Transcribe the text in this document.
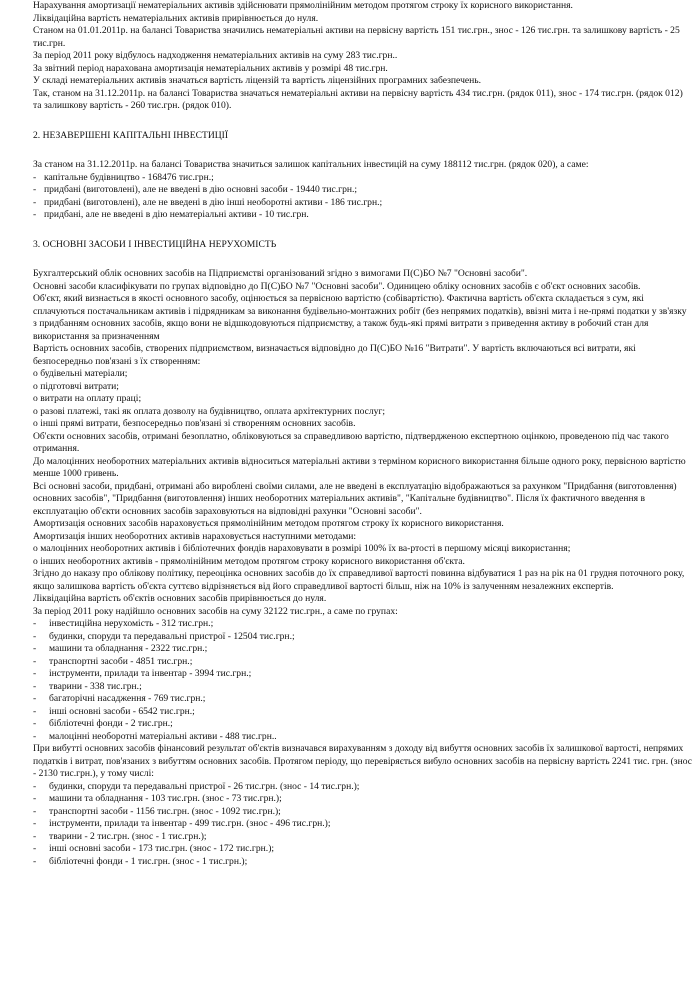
Нарахування амортизації нематеріальних активів здійснювати прямолінійним методом протягом строку їх корисного використання.

Ліквідаційна вартість нематеріальних активів прирівнюється до нуля.

Станом на 01.01.2011р. на балансі Товариства значились нематеріальні активи на первісну вартість 151 тис.грн., знос - 126 тис.грн. та залишкову вартість - 25 тис.грн.

За період 2011 року відбулось надходження нематеріальних активів на суму 283 тис.грн..

За звітний період нарахована амортизація нематеріальних активів у розмірі 48 тис.грн.

У складі нематеріальних активів значаться вартість ліцензій та вартість ліцензійних програмних забезпечень.

Так, станом на 31.12.2011р. на балансі Товариства значаться нематеріальні активи на первісну вартість 434 тис.грн. (рядок 011), знос - 174 тис.грн. (рядок 012) та залишкову вартість - 260 тис.грн. (рядок 010).

2. НЕЗАВЕРШЕНІ КАПІТАЛЬНІ ІНВЕСТИЦІЇ

За станом на 31.12.2011р. на балансі Товариства значиться залишок капітальних інвестицій на суму 188112 тис.грн. (рядок 020), а саме:

- капітальне будівництво - 168476 тис.грн.;
- придбані (виготовлені), але не введені в дію основні засоби - 19440 тис.грн.;
- придбані (виготовлені), але не введені в дію інші необоротні активи - 186 тис.грн.;
- придбані, але не введені в дію нематеріальні активи - 10 тис.грн.
3. ОСНОВНІ ЗАСОБИ І ІНВЕСТИЦІЙНА НЕРУХОМІСТЬ

Бухгалтерський облік основних засобів на Підприємстві організований згідно з вимогами П(С)БО №7 "Основні засоби".

Основні засоби класифікувати по групах відповідно до П(С)БО №7 "Основні засоби". Одиницею обліку основних засобів є об'єкт основних засобів.

Об'єкт, який визнається в якості основного засобу, оцінюється за первісною вартістю (собівартістю). Фактична вартість об'єкта складається з сум, які сплачуються постачальникам активів і підрядникам за виконання будівельно-монтажних робіт (без непрямих податків), ввізні мита і не-прямі податки у зв'язку з придбанням основних засобів, якщо вони не відшкодовуються підприємству, а також будь-які прямі витрати з приведення активу в робочий стан для використання за призначенням

Вартість основних засобів, створених підприємством, визначається відповідно до П(С)БО №16 "Витрати". У вартість включаються всі витрати, які безпосередньо пов'язані з їх створенням:

о будівельні матеріали;

о підготовчі витрати;

о витрати на оплату праці;

о разові платежі, такі як оплата дозволу на будівництво, оплата архітектурних послуг;

о інші прямі витрати, безпосередньо пов'язані зі створенням основних засобів.

Об'єкти основних засобів, отримані безоплатно, обліковуються за справедливою вартістю, підтвердженою експертною оцінкою, проведеною під час такого отримання.

До малоцінних необоротних матеріальних активів відноситься матеріальні активи з терміном корисного використання більше одного року, первісною вартістю менше 1000 гривень.

Всі основні засоби, придбані, отримані або вироблені своїми силами, але не введені в експлуатацію відображаються за рахунком "Придбання (виготовлення) основних засобів", "Придбання (виготовлення) інших необоротних матеріальних активів", "Капітальне будівництво". Після їх фактичного введення в експлуатацію об'єкти основних засобів зараховуються на відповідні рахунки "Основні засоби".

Амортизація основних засобів нараховується прямолінійним методом протягом строку їх корисного використання.

Амортизація інших необоротних активів нараховується наступними методами:

о малоцінних необоротних активів і бібліотечних фондів нараховувати в розмірі 100% їх ва-ртості в першому місяці використання;

о інших необоротних активів - прямолінійним методом протягом строку корисного використання об'єкта.

Згідно до наказу про облікову політику, переоцінка основних засобів до їх справедливої вартості повинна відбуватися 1 раз на рік на 01 грудня поточного року, якщо залишкова вартість об'єкта суттєво відрізняється від його справедливої вартості більш, ніж на 10% із залученням незалежних експертів.

Ліквідаційна вартість об'єктів основних засобів прирівнюється до нуля.

За період 2011 року надійшло основних засобів на суму 32122 тис.грн., а саме по групах:

-	інвестиційна нерухомість - 312 тис.грн.;
-	будинки, споруди та передавальні пристрої - 12504 тис.грн.;
-	машини та обладнання - 2322 тис.грн.;
-	транспортні засоби - 4851 тис.грн.;
-	інструменти, прилади та інвентар - 3994 тис.грн.;
-	тварини - 338 тис.грн.;
-	багаторічні насадження - 769 тис.грн.;
-	інші основні засоби - 6542 тис.грн.;
-	бібліотечні фонди - 2 тис.грн.;
-	малоцінні необоротні матеріальні активи - 488 тис.грн..

При вибутті основних засобів фінансовий результат об'єктів визначався вирахуванням з доходу від вибуття основних засобів їх залишкової вартості, непрямих податків і витрат, пов'язаних з вибуттям основних засобів. Протягом періоду, що перевіряється вибуло основних засобів на первісну вартість 2241 тис. грн. (знос - 2130 тис.грн.), у тому числі:

-	будинки, споруди та передавальні пристрої - 26 тис.грн. (знос - 14 тис.грн.);
-	машини та обладнання - 103 тис.грн. (знос - 73 тис.грн.);
-	транспортні засоби - 1156 тис.грн. (знос - 1092 тис.грн.);
-	інструменти, прилади та інвентар - 499 тис.грн. (знос - 496 тис.грн.);
-	тварини - 2 тис.грн. (знос - 1 тис.грн.);
-	інші основні засоби - 173 тис.грн. (знос - 172 тис.грн.);
-	бібліотечні фонди - 1 тис.грн. (знос - 1 тис.грн.);
